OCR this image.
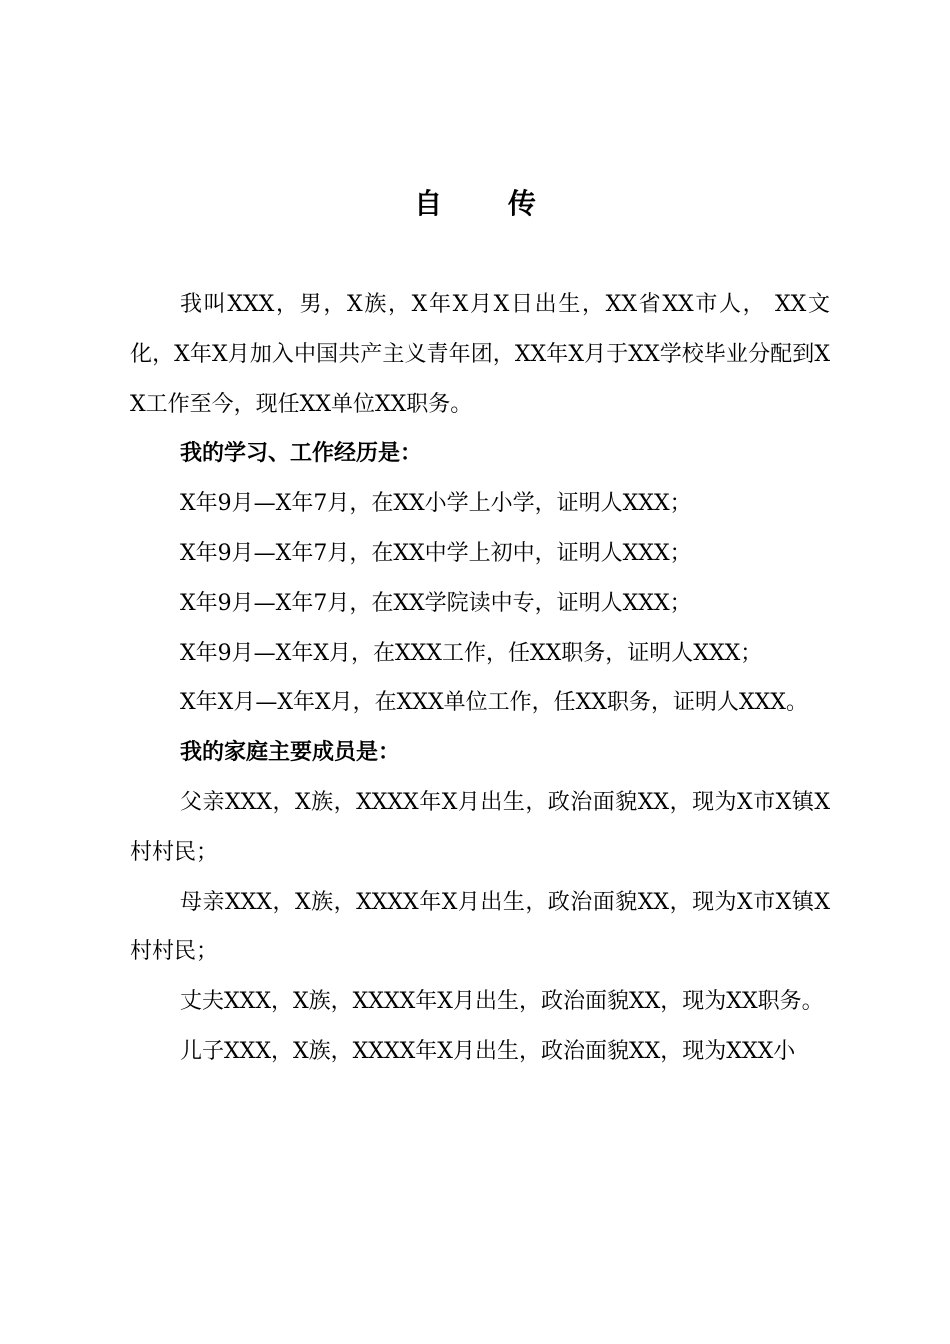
自 传

我叫XXX，男，X族，X年X月X日出生，XX省XX市人， XX文化，X年X月加入中国共产主义青年团，XX年X月于XX学校毕业分配到XX工作至今，现任XX单位XX职务。

我的学习、工作经历是：

X年9月—X年7月，在XX小学上小学，证明人XXX；

X年9月—X年7月，在XX中学上初中，证明人XXX；

X年9月—X年7月，在XX学院读中专，证明人XXX；

X年9月—X年X月，在XXX工作，任XX职务，证明人XXX；

X年X月—X年X月，在XXX单位工作，任XX职务，证明人XXX。

我的家庭主要成员是：

父亲XXX，X族，XXXX年X月出生，政治面貌XX，现为X市X镇X村村民；

母亲XXX，X族，XXXX年X月出生，政治面貌XX，现为X市X镇X村村民；

丈夫XXX，X族，XXXX年X月出生，政治面貌XX，现为XX职务。

儿子XXX，X族，XXXX年X月出生，政治面貌XX，现为XXX小
